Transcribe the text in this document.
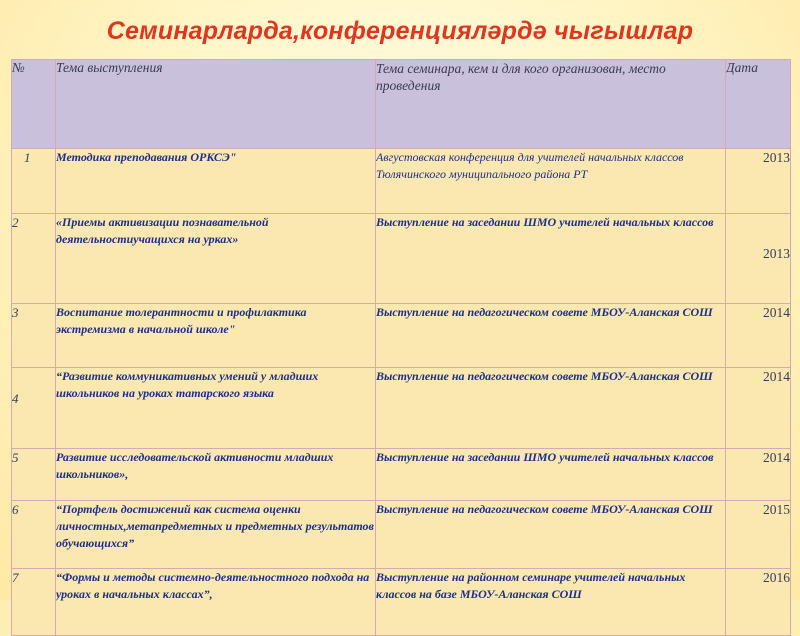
Семинарларда,конференцияләрдә чыгышлар
№	Тема выступления	Тема семинара, кем и для кого организован, место проведения	Дата
1	Методика преподавания ОРКСЭ"	Августовская конференция для учителей начальных классов Тюлячинского муниципального района РТ	2013
2	«Приемы активизации познавательной деятельностиучащихся на урках»	Выступление на заседании ШМО учителей начальных классов	2013
3	Воспитание толерантности и профилактика экстремизма в начальной школе"	Выступление на педагогическом совете МБОУ-Аланская СОШ	2014
4	“Развитие коммуникативных умений у младших школьников на уроках татарского языка	Выступление на педагогическом совете МБОУ-Аланская СОШ	2014
5	Развитие исследовательской активности младших школьников»,	Выступление на заседании ШМО учителей начальных классов	2014
6	“Портфель достижений как система оценки личностных,метапредметных и предметных результатов обучающихся”	Выступление на педагогическом совете МБОУ-Аланская СОШ	2015
7	“Формы и методы системно-деятельностного подхода на уроках в начальных классах”,	Выступление на районном семинаре учителей начальных классов на базе МБОУ-Аланская СОШ	2016
